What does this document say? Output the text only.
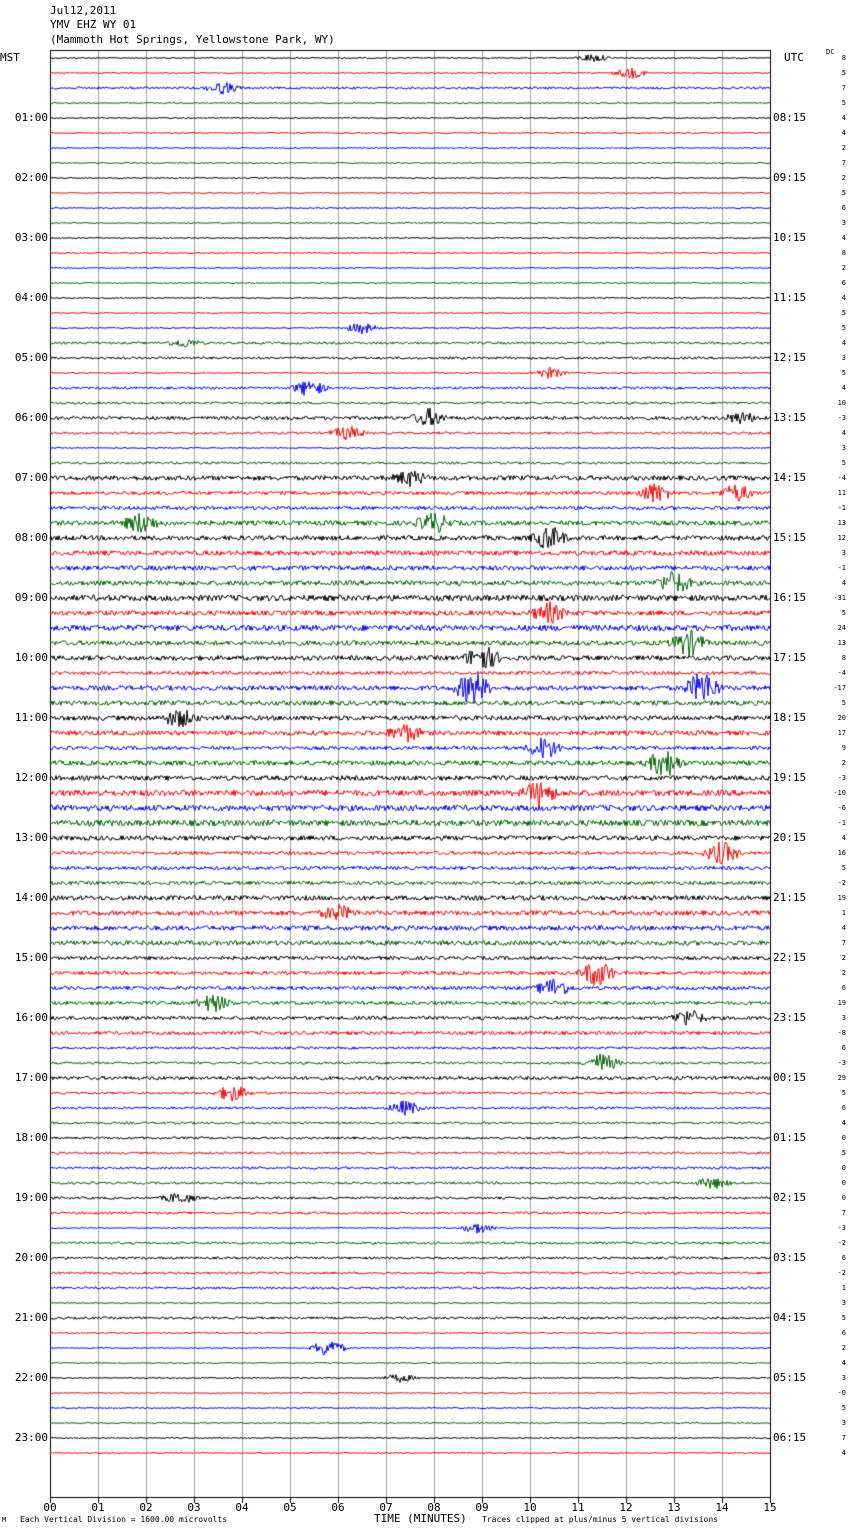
Jul12,2011
YMV EHZ WY 01
(Mammoth Hot Springs, Yellowstone Park, WY)
MST	UTC	DC
M Each Vertical Division = 1600.00 microvolts	TIME (MINUTES) Traces clipped at plus/minus 5 vertical divisions
01:00
02:00
03:00
04:00
05:00
06:00
07:00
08:00
09:00
10:00
11:00
12:00
13:00
14:00
15:00
16:00
17:00
18:00
19:00
20:00
21:00
22:00
23:00
08:15
09:15
10:15
11:15
12:15
13:15
14:15
15:15
16:15
17:15
18:15
19:15
20:15
21:15
22:15
23:15
00:15
01:15
02:15
03:15
04:15
05:15
06:15
8
5
7
5
4
4
2
7
2
5
6
3
4
8
2
6
4
5
5
4
3
5
4
10
-3
4
3
5
-4
11
-1
13
12
3
-1
4
-31
5
24
13
8
-4
-17
5
20
17
9
2
-3
-10
-6
-1
4
16
5
-2
19
1
4
7
2
2
6
19
3
-8
6
-3
29
5
6
4
0
5
0
0
0
7
-3
-2
6
-2
1
3
5
6
2
4
3
-0
5
3
7
4
00	01	02	03	04	05	06	07	08	09	10	11	12	13	14	15
